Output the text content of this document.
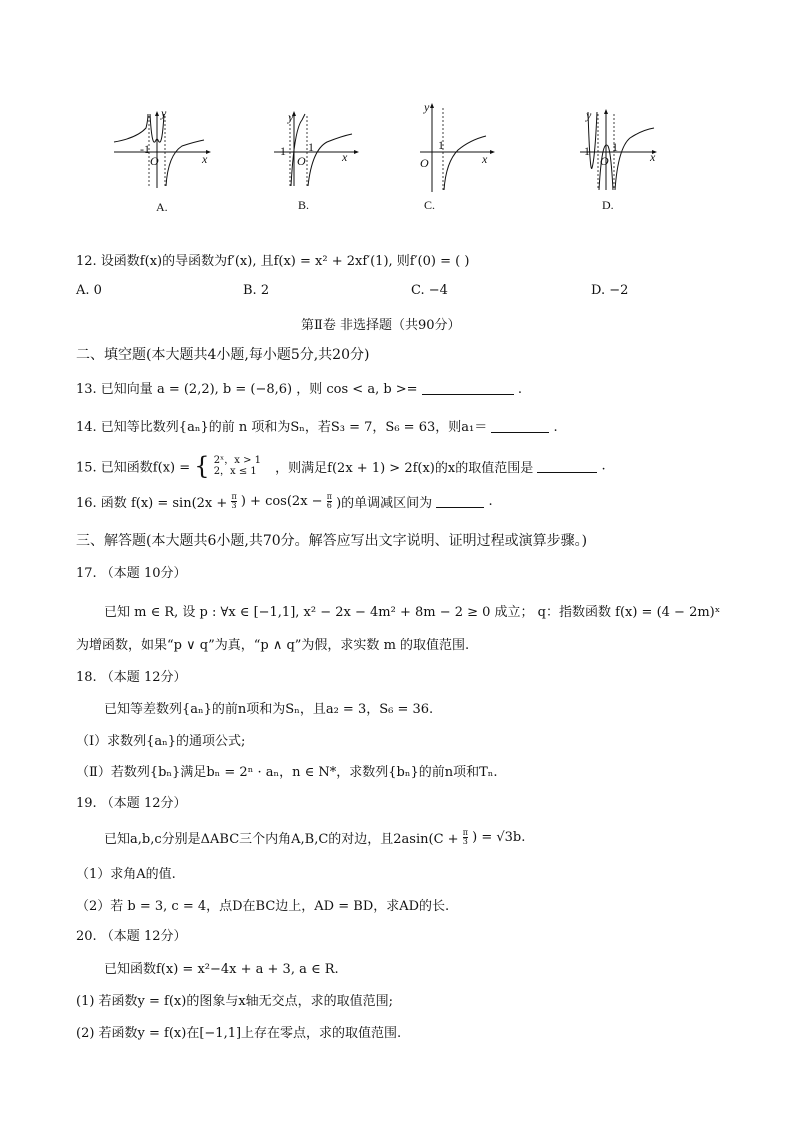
-1
O	x
y
A.
-1 1
O	x
y
B.
1
O	x
y
C.
-1 1
O	x
y
D.
12. 设函数f(x)的导函数为f′(x), 且f(x) = x² + 2xf′(1), 则f′(0) = ( )
A. 0	B. 2	C. −4	D. −2
第Ⅱ卷 非选择题（共90分）
二、填空题(本大题共4小题,每小题5分,共20分)
13. 已知向量 a = (2,2), b = (−8,6) ，则 cos < a, b >=	.
14. 已知等比数列{aₙ}的前 n 项和为Sₙ，若S₃ = 7，S₆ = 63，则a₁＝	.
15. 已知函数f(x) = { 2ˣ，x > 1
2，x ≤ 1	，则满足f(2x + 1) > 2f(x)的x的取值范围是	.
16. 函数 $f(x) = \sin(2x + \frac{\pi}{3}$ ) + $\cos(2x - \frac{\pi}{6}$ )的单调减区间为	.
三、解答题(本大题共6小题,共70分。解答应写出文字说明、证明过程或演算步骤。)
17. （本题 10分）
已知 m ∈ R, 设 p : ∀x ∈ [−1,1], x² − 2x − 4m² + 8m − 2 ≥ 0 成立； q：指数函数 f(x) = (4 − 2m)ˣ
为增函数，如果“p ∨ q”为真，“p ∧ q”为假，求实数 m 的取值范围.
18. （本题 12分）
已知等差数列{aₙ}的前n项和为Sₙ，且a₂ = 3，S₆ = 36.
（Ⅰ）求数列{aₙ}的通项公式;
（Ⅱ）若数列{bₙ}满足bₙ = 2ⁿ · aₙ，n ∈ N*，求数列{bₙ}的前n项和Tₙ.
19. （本题 12分）
已知a,b,c分别是ΔABC三个内角A,B,C的对边，且$2asin(C + \frac{\pi}{3}$ ) = √3b.
（1）求角A的值.
（2）若 b = 3, c = 4，点D在BC边上，AD = BD，求AD的长.
20. （本题 12分）
已知函数f(x) = x²−4x + a + 3, a ∈ R.
(1) 若函数y = f(x)的图象与x轴无交点，求的取值范围;
(2) 若函数y = f(x)在[−1,1]上存在零点，求的取值范围.
